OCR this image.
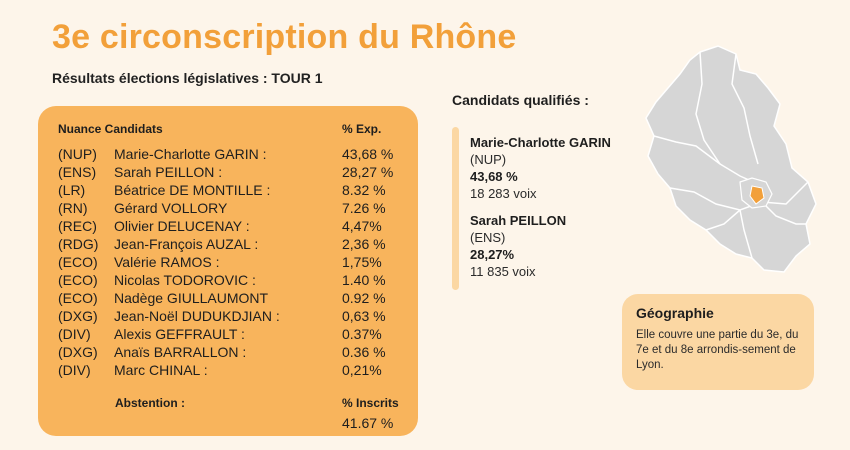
3e circonscription du Rhône
Résultats élections législatives : TOUR 1
Nuance Candidats	% Exp.
(NUP) Marie-Charlotte GARIN :	43,68 %
(ENS) Sarah PEILLON :	28,27 %
(LR) Béatrice DE MONTILLE :	8.32 %
(RN) Gérard VOLLORY	7.26 %
(REC) Olivier DELUCENAY :	4,47%
(RDG) Jean-François AUZAL :	2,36 %
(ECO) Valérie RAMOS :	1,75%
(ECO) Nicolas TODOROVIC :	1.40 %
(ECO) Nadège GIULLAUMONT	0.92 %
(DXG) Jean-Noël DUDUKDJIAN :	0,63 %
(DIV) Alexis GEFFRAULT :	0.37%
(DXG) Anaïs BARRALLON :	0.36 %
(DIV) Marc CHINAL :	0,21%
Abstention :	% Inscrits
41.67 %
Candidats qualifiés :
Marie-Charlotte GARIN
(NUP)
43,68 %
18 283 voix
Sarah PEILLON
(ENS)
28,27%
11 835 voix
Géographie
Elle couvre une partie du 3e, du 7e et du 8e arrondis-sement de Lyon.
